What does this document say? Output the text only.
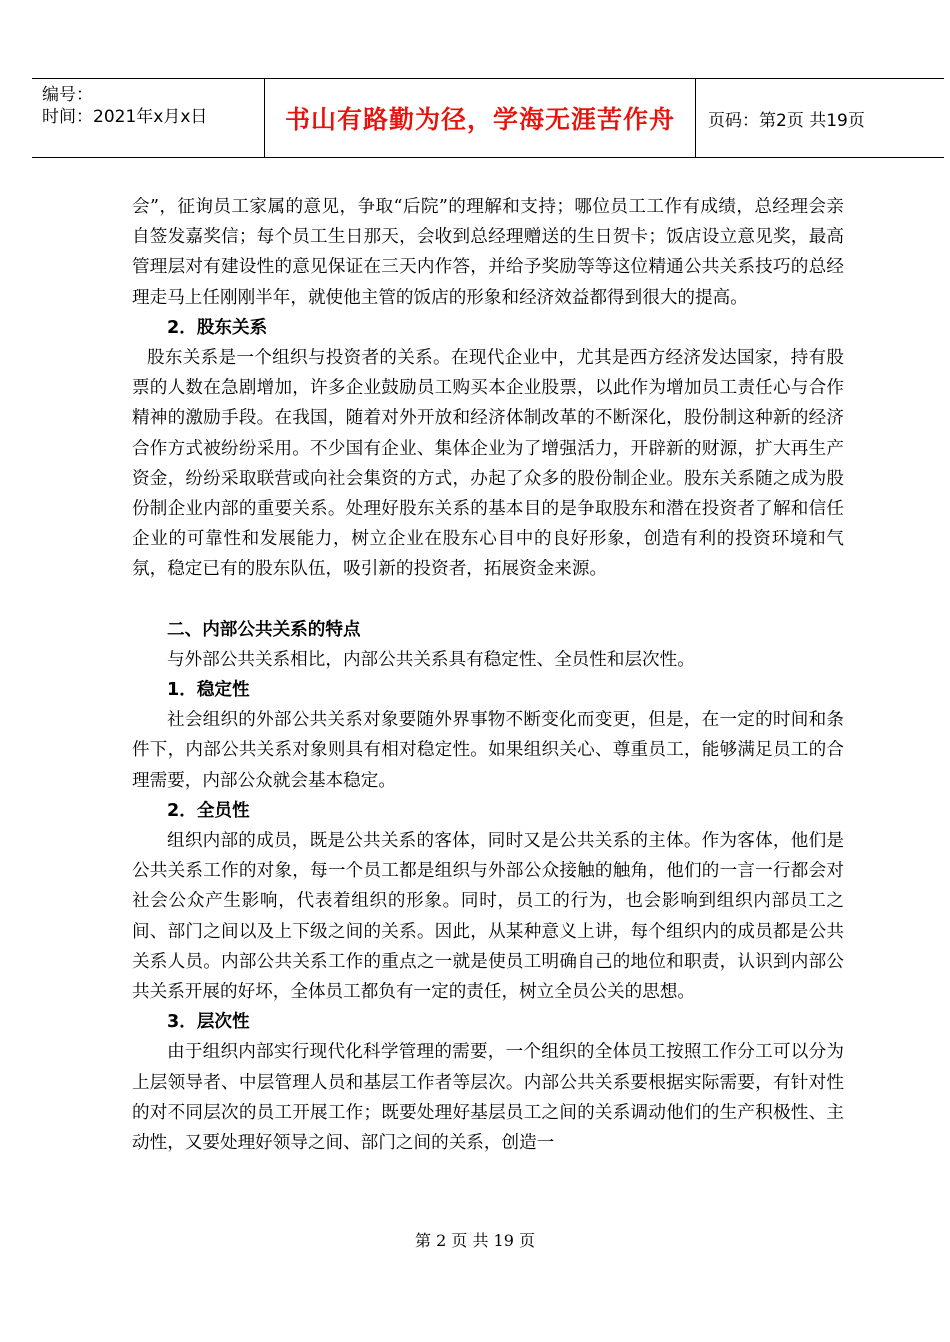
编号：
时间：2021年x月x日	书山有路勤为径，学海无涯苦作舟 页码：第2页 共19页

会”，征询员工家属的意见，争取“后院”的理解和支持；哪位员工工作有成绩，总经理会亲自签发嘉奖信；每个员工生日那天，会收到总经理赠送的生日贺卡；饭店设立意见奖，最高管理层对有建设性的意见保证在三天内作答，并给予奖励等等这位精通公共关系技巧的总经理走马上任刚刚半年，就使他主管的饭店的形象和经济效益都得到很大的提高。

2．股东关系

股东关系是一个组织与投资者的关系。在现代企业中，尤其是西方经济发达国家，持有股票的人数在急剧增加，许多企业鼓励员工购买本企业股票，以此作为增加员工责任心与合作精神的激励手段。在我国，随着对外开放和经济体制改革的不断深化，股份制这种新的经济合作方式被纷纷采用。不少国有企业、集体企业为了增强活力，开辟新的财源，扩大再生产资金，纷纷采取联营或向社会集资的方式，办起了众多的股份制企业。股东关系随之成为股份制企业内部的重要关系。处理好股东关系的基本目的是争取股东和潜在投资者了解和信任企业的可靠性和发展能力，树立企业在股东心目中的良好形象，创造有利的投资环境和气氛，稳定已有的股东队伍，吸引新的投资者，拓展资金来源。

二、内部公共关系的特点

与外部公共关系相比，内部公共关系具有稳定性、全员性和层次性。

1．稳定性

社会组织的外部公共关系对象要随外界事物不断变化而变更，但是，在一定的时间和条件下，内部公共关系对象则具有相对稳定性。如果组织关心、尊重员工，能够满足员工的合理需要，内部公众就会基本稳定。

2．全员性

组织内部的成员，既是公共关系的客体，同时又是公共关系的主体。作为客体，他们是公共关系工作的对象，每一个员工都是组织与外部公众接触的触角，他们的一言一行都会对社会公众产生影响，代表着组织的形象。同时，员工的行为，也会影响到组织内部员工之间、部门之间以及上下级之间的关系。因此，从某种意义上讲，每个组织内的成员都是公共关系人员。内部公共关系工作的重点之一就是使员工明确自己的地位和职责，认识到内部公共关系开展的好坏，全体员工都负有一定的责任，树立全员公关的思想。

3．层次性

由于组织内部实行现代化科学管理的需要，一个组织的全体员工按照工作分工可以分为上层领导者、中层管理人员和基层工作者等层次。内部公共关系要根据实际需要，有针对性的对不同层次的员工开展工作；既要处理好基层员工之间的关系调动他们的生产积极性、主动性，又要处理好领导之间、部门之间的关系，创造一

第 2 页 共 19 页
